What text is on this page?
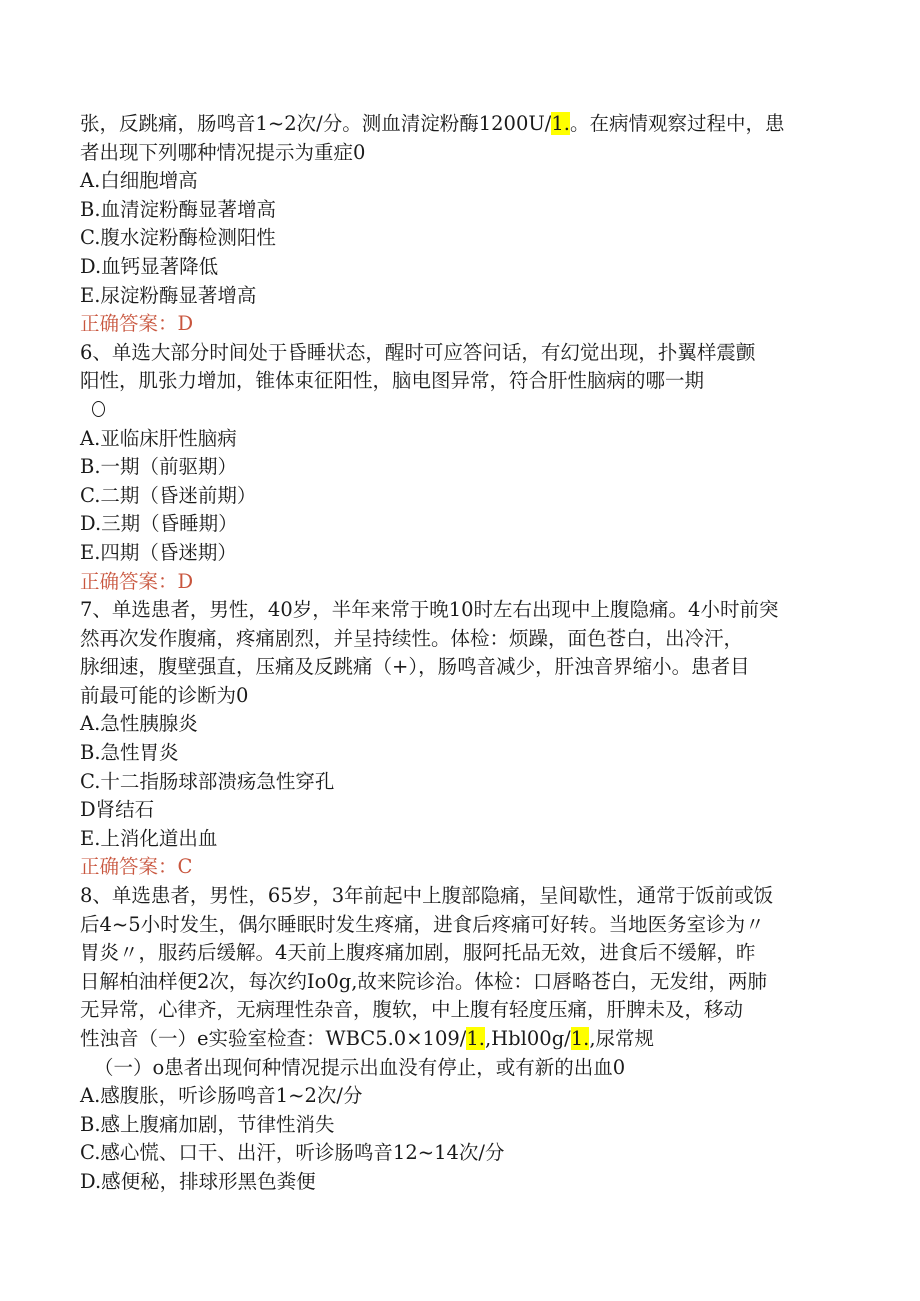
张，反跳痛，肠鸣音1~2次/分。测血清淀粉酶1200U/1.。在病情观察过程中，患
者出现下列哪种情况提示为重症0
A.白细胞增高
B.血清淀粉酶显著增高
C.腹水淀粉酶检测阳性
D.血钙显著降低
E.尿淀粉酶显著增高
正确答案：D
6、单选大部分时间处于昏睡状态，醒时可应答问话，有幻觉出现，扑翼样震颤
阳性，肌张力增加，锥体束征阳性，脑电图异常，符合肝性脑病的哪一期
A.亚临床肝性脑病
B.一期（前驱期）
C.二期（昏迷前期）
D.三期（昏睡期）
E.四期（昏迷期）
正确答案：D
7、单选患者，男性，40岁，半年来常于晚10时左右出现中上腹隐痛。4小时前突
然再次发作腹痛，疼痛剧烈，并呈持续性。体检：烦躁，面色苍白，出冷汗，
脉细速，腹壁强直，压痛及反跳痛（+），肠鸣音减少，肝浊音界缩小。患者目
前最可能的诊断为0
A.急性胰腺炎
B.急性胃炎
C.十二指肠球部溃疡急性穿孔
D肾结石
E.上消化道出血
正确答案：C
8、单选患者，男性，65岁，3年前起中上腹部隐痛，呈间歇性，通常于饭前或饭
后4~5小时发生，偶尔睡眠时发生疼痛，进食后疼痛可好转。当地医务室诊为〃
胃炎〃，服药后缓解。4天前上腹疼痛加剧，服阿托品无效，进食后不缓解，昨
日解柏油样便2次，每次约Io0g,故来院诊治。体检：口唇略苍白，无发绀，两肺
无异常，心律齐，无病理性杂音，腹软，中上腹有轻度压痛，肝脾未及，移动
性浊音（一）e实验室检查：WBC5.0×109/1.,Hbl00g/1.,尿常规
（一）o患者出现何种情况提示出血没有停止，或有新的出血0
A.感腹胀，听诊肠鸣音1~2次/分
B.感上腹痛加剧，节律性消失
C.感心慌、口干、出汗，听诊肠鸣音12~14次/分
D.感便秘，排球形黑色粪便
